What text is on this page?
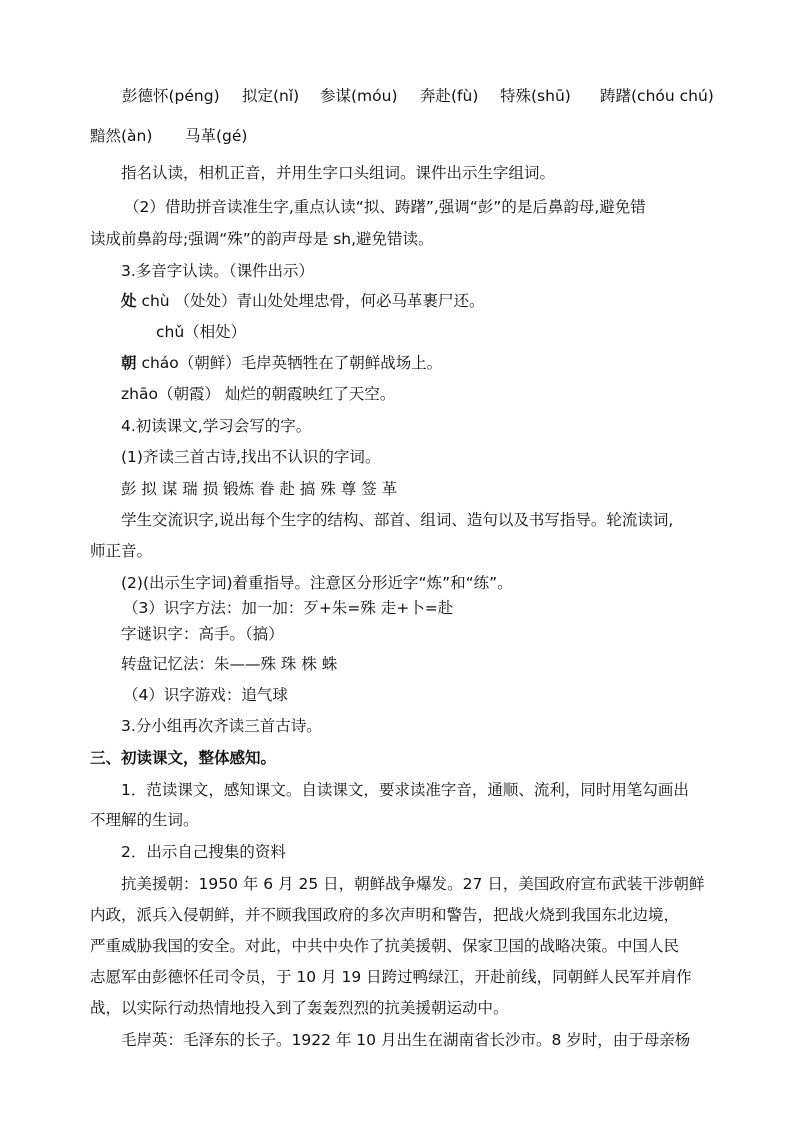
彭德怀(péng) 拟定(nǐ) 参谋(móu) 奔赴(fù) 特殊(shū) 踌躇(chóu chú)
黯然(àn) 马革(gé)
指名认读，相机正音，并用生字口头组词。课件出示生字组词。
（2）借助拼音读准生字,重点认读“拟、踌躇”,强调“彭”的是后鼻韵母,避免错
读成前鼻韵母;强调“殊”的韵声母是 sh,避免错读。
3.多音字认读。（课件出示）
处 chù （处处）青山处处埋忠骨，何必马革裹尸还。
chǔ（相处）
朝 cháo（朝鲜）毛岸英牺牲在了朝鲜战场上。
zhāo（朝霞） 灿烂的朝霞映红了天空。
4.初读课文,学习会写的字。
(1)齐读三首古诗,找出不认识的字词。
彭 拟 谋 瑞 损 锻炼 眷 赴 搞 殊 尊 签 革
学生交流识字,说出每个生字的结构、部首、组词、造句以及书写指导。轮流读词,
师正音。
(2)(出示生字词)着重指导。注意区分形近字“炼”和“练”。
（3）识字方法：加一加：歹+朱=殊 走+卜=赴
字谜识字：高手。（搞）
转盘记忆法：朱——殊 珠 株 蛛
（4）识字游戏：追气球
3.分小组再次齐读三首古诗。
三、初读课文，整体感知。
1．范读课文，感知课文。自读课文，要求读准字音，通顺、流利，同时用笔勾画出
不理解的生词。
2．出示自己搜集的资料
抗美援朝：1950 年 6 月 25 日，朝鲜战争爆发。27 日，美国政府宣布武装干涉朝鲜
内政，派兵入侵朝鲜，并不顾我国政府的多次声明和警告，把战火烧到我国东北边境，
严重威胁我国的安全。对此，中共中央作了抗美援朝、保家卫国的战略决策。中国人民
志愿军由彭德怀任司令员，于 10 月 19 日跨过鸭绿江，开赴前线，同朝鲜人民军并肩作
战，以实际行动热情地投入到了轰轰烈烈的抗美援朝运动中。
毛岸英：毛泽东的长子。1922 年 10 月出生在湖南省长沙市。8 岁时，由于母亲杨
